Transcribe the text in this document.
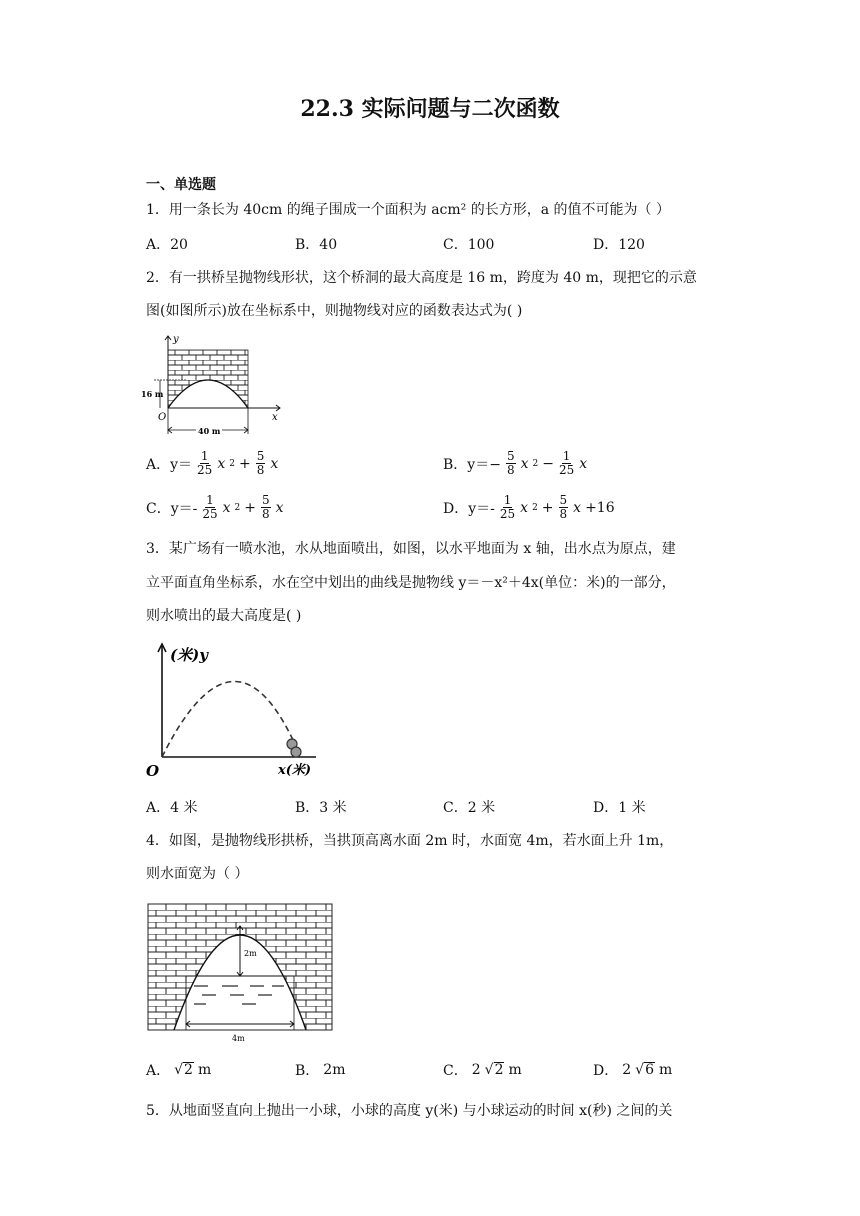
22.3 实际问题与二次函数
一、单选题
1．用一条长为 40cm 的绳子围成一个面积为 acm² 的长方形，a 的值不可能为（ ）
A．20	B．40	C．100	D．120
2．有一拱桥呈抛物线形状，这个桥洞的最大高度是 16 m，跨度为 40 m，现把它的示意
图(如图所示)放在坐标系中，则抛物线对应的函数表达式为( )
y
x
O
16 m
40 m
A．$y= \frac{1}{25}$ x $2 + \frac{5}{8}$ x	B．$y=- \frac{5}{8}$ x $2 - \frac{1}{25}$ x
C．$y=- \frac{1}{25}$ x $2 + \frac{5}{8}$ x	D．$y=- \frac{1}{25}$ x $2 + \frac{5}{8}$ x +16
3．某广场有一喷水池，水从地面喷出，如图，以水平地面为 x 轴，出水点为原点，建
立平面直角坐标系，水在空中划出的曲线是抛物线 y＝－x²＋4x(单位：米)的一部分，
则水喷出的最大高度是( )
(米)y
x(米)
O
A．4 米	B．3 米	C．2 米	D．1 米
4．如图，是抛物线形拱桥，当拱顶高离水面 2m 时，水面宽 4m，若水面上升 1m，
则水面宽为（ ）
2m
4m
A． √ 2 m	B． 2m	C． 2 √ 2 m	D． 2 √ 6 m
5．从地面竖直向上抛出一小球，小球的高度 y(米) 与小球运动的时间 x(秒) 之间的关
